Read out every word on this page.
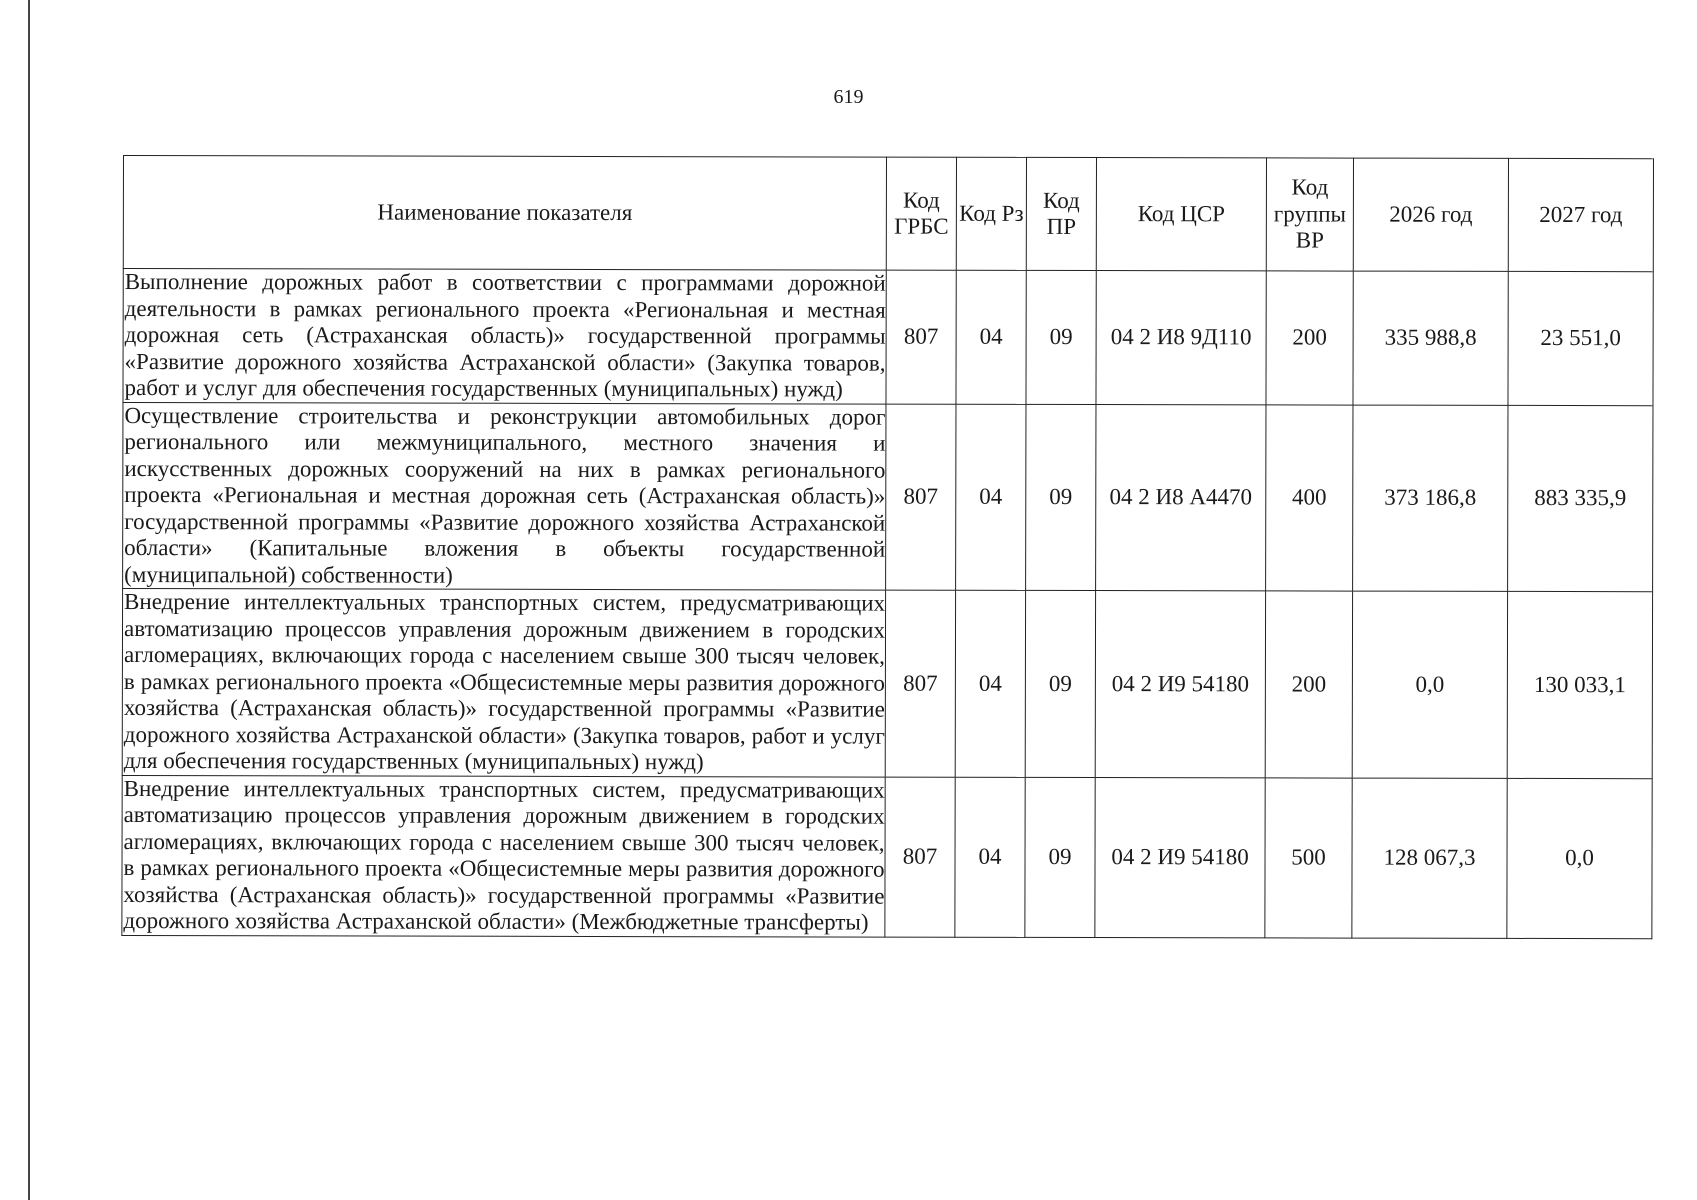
619
Наименование показателя	Код ГРБС	Код Рз	Код ПР	Код ЦСР	Код группы ВР	2026 год	2027 год
Выполнение дорожных работ в соответствии с программами дорожной деятельности в рамках регионального проекта «Региональная и местная дорожная сеть (Астраханская область)» государственной программы «Развитие дорожного хозяйства Астраханской области» (Закупка товаров, работ и услуг для обеспечения государственных (муниципальных) нужд)	807	04	09	04 2 И8 9Д110	200	335 988,8	23 551,0
Осуществление строительства и реконструкции автомобильных дорог регионального или межмуниципального, местного значения и искусственных дорожных сооружений на них в рамках регионального проекта «Региональная и местная дорожная сеть (Астраханская область)» государственной программы «Развитие дорожного хозяйства Астраханской области» (Капитальные вложения в объекты государственной (муниципальной) собственности)	807	04	09	04 2 И8 А4470	400	373 186,8	883 335,9
Внедрение интеллектуальных транспортных систем, предусматривающих автоматизацию процессов управления дорожным движением в городских агломерациях, включающих города с населением свыше 300 тысяч человек, в рамках регионального проекта «Общесистемные меры развития дорожного хозяйства (Астраханская область)» государственной программы «Развитие дорожного хозяйства Астраханской области» (Закупка товаров, работ и услуг для обеспечения государственных (муниципальных) нужд)	807	04	09	04 2 И9 54180	200	0,0	130 033,1
Внедрение интеллектуальных транспортных систем, предусматривающих автоматизацию процессов управления дорожным движением в городских агломерациях, включающих города с населением свыше 300 тысяч человек, в рамках регионального проекта «Общесистемные меры развития дорожного хозяйства (Астраханская область)» государственной программы «Развитие дорожного хозяйства Астраханской области» (Межбюджетные трансферты)	807	04	09	04 2 И9 54180	500	128 067,3	0,0
